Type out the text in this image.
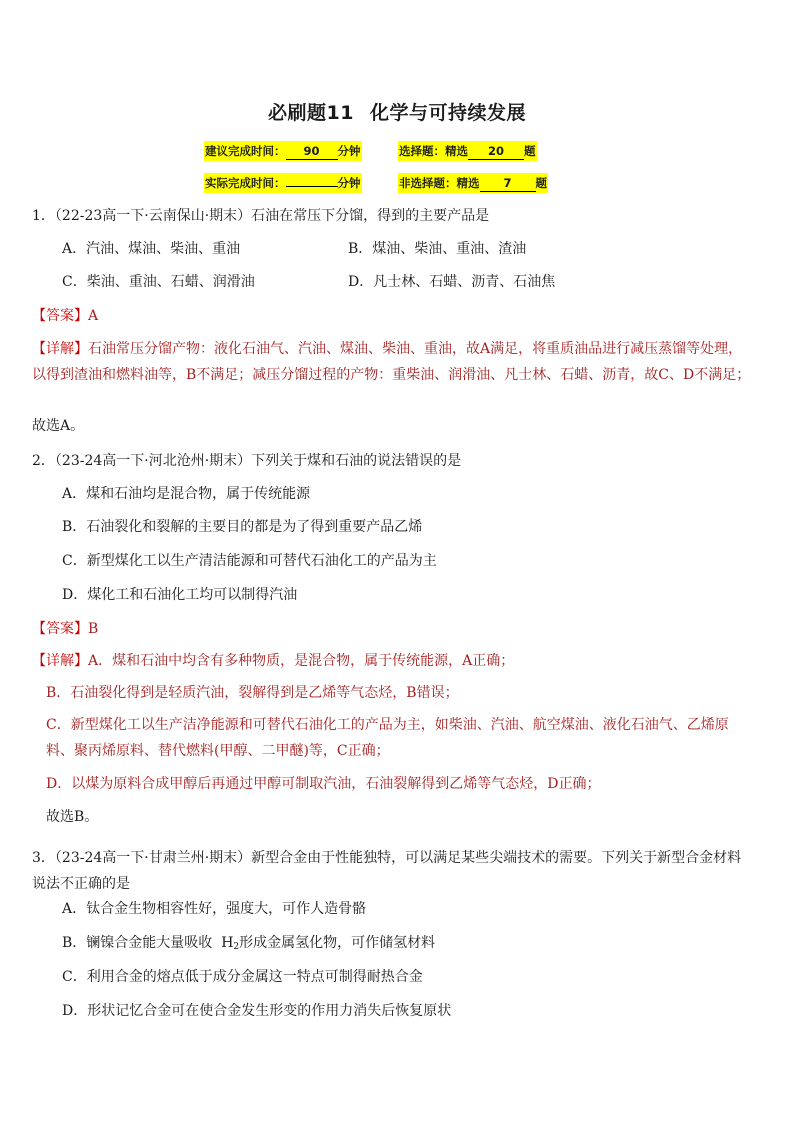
必刷题11 化学与可持续发展
建议完成时间： 90 分钟	选择题：精选 20 题
实际完成时间：	分钟	非选择题：精选 7 题

1．（22-23高一下·云南保山·期末）石油在常压下分馏，得到的主要产品是

A．汽油、煤油、柴油、重油	B．煤油、柴油、重油、渣油

C．柴油、重油、石蜡、润滑油	D．凡士林、石蜡、沥青、石油焦

【答案】A

【详解】石油常压分馏产物：液化石油气、汽油、煤油、柴油、重油，故A满足，将重质油品进行减压蒸馏等处理，以得到渣油和燃料油等，B不满足；减压分馏过程的产物：重柴油、润滑油、凡士林、石蜡、沥青，故C、D不满足；

故选A。

2．（23-24高一下·河北沧州·期末）下列关于煤和石油的说法错误的是

A．煤和石油均是混合物，属于传统能源

B．石油裂化和裂解的主要目的都是为了得到重要产品乙烯

C．新型煤化工以生产清洁能源和可替代石油化工的产品为主

D．煤化工和石油化工均可以制得汽油

【答案】B

【详解】A．煤和石油中均含有多种物质，是混合物，属于传统能源，A正确；

B．石油裂化得到是轻质汽油，裂解得到是乙烯等气态烃，B错误；

C．新型煤化工以生产洁净能源和可替代石油化工的产品为主，如柴油、汽油、航空煤油、液化石油气、乙烯原料、聚丙烯原料、替代燃料(甲醇、二甲醚)等，C正确；

D．以煤为原料合成甲醇后再通过甲醇可制取汽油，石油裂解得到乙烯等气态烃，D正确；

故选B。

3．（23-24高一下·甘肃兰州·期末）新型合金由于性能独特，可以满足某些尖端技术的需要。下列关于新型合金材料说法不正确的是

A．钛合金生物相容性好，强度大，可作人造骨骼

B．镧镍合金能大量吸收 $H_2$形成金属氢化物，可作储氢材料

C．利用合金的熔点低于成分金属这一特点可制得耐热合金

D．形状记忆合金可在使合金发生形变的作用力消失后恢复原状
